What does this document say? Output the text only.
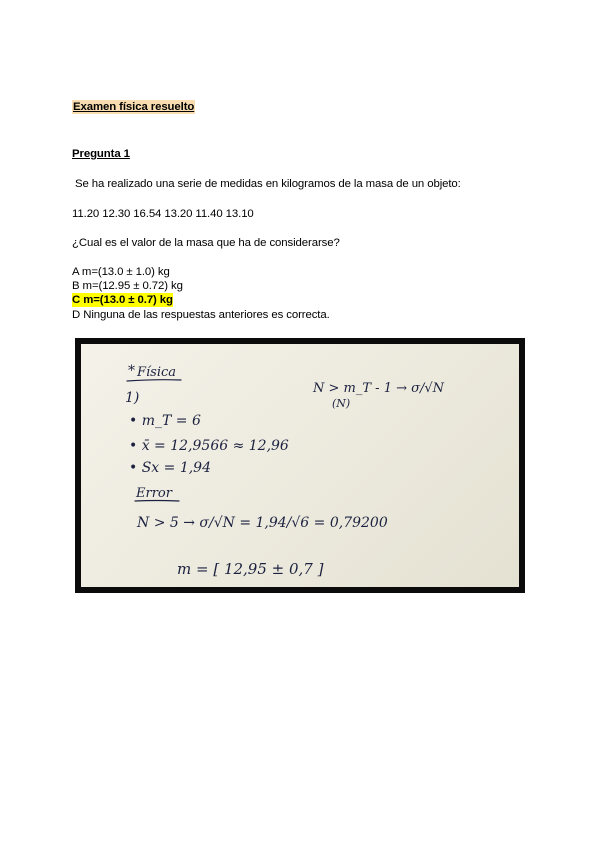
Examen física resuelto
Pregunta 1
Se ha realizado una serie de medidas en kilogramos de la masa de un objeto:
11.20 12.30 16.54 13.20 11.40 13.10
¿Cual es el valor de la masa que ha de considerarse?
A m=(13.0 ± 1.0) kg
B m=(12.95 ± 0.72) kg
C m=(13.0 ± 0.7) kg
D Ninguna de las respuestas anteriores es correcta.
* Física
1)
• m_T = 6
• x̄ = 12,9566 ≈ 12,96
• Sx = 1,94
N > m_T - 1 → σ/√N
(N)
Error
N > 5 → σ/√N = 1,94/√6 = 0,79200
m = [ 12,95 ± 0,7 ]
